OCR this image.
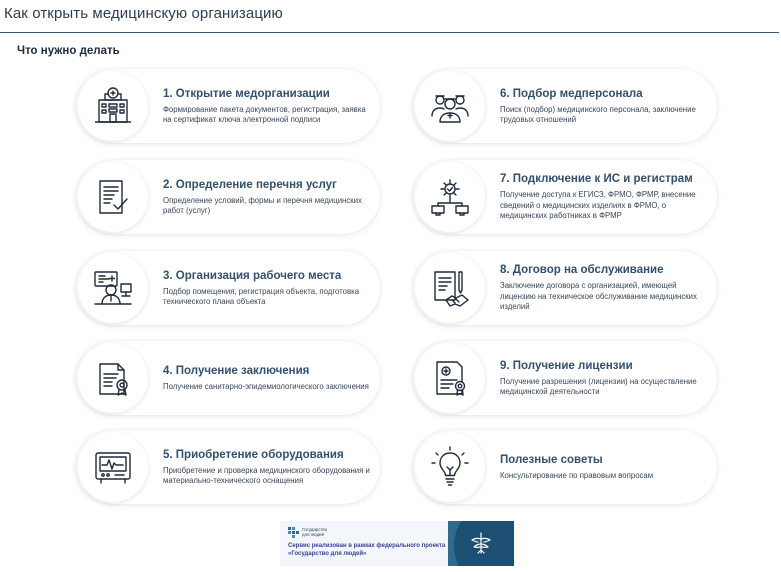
Как открыть медицинскую организацию
Что нужно делать
1. Открытие медорганизации
Формирование пакета документов, регистрация, заявка на сертификат ключа электронной подписи
2. Определение перечня услуг
Определение условий, формы и перечня медицинских работ (услуг)
3. Организация рабочего места
Подбор помещения, регистрация объекта, подготовка технического плана объекта
4. Получение заключения
Получение санитарно-эпидемиологического заключения
5. Приобретение оборудования
Приобретение и проверка медицинского оборудования и материально-технического оснащения
6. Подбор медперсонала
Поиск (подбор) медицинского персонала, заключение трудовых отношений
7. Подключение к ИС и регистрам
Получение доступа к ЕГИСЗ, ФРМО, ФРМР, внесение сведений о медицинских изделиях в ФРМО, о медицинских работниках в ФРМР
8. Договор на обслуживание
Заключение договора с организацией, имеющей лицензию на техническое обслуживание медицинских изделий
9. Получение лицензии
Получение разрешения (лицензии) на осуществление медицинской деятельности
Полезные советы
Консультирование по правовым вопросам
Государство для людей
Сервис реализован в рамках федерального проекта «Государство для людей»
